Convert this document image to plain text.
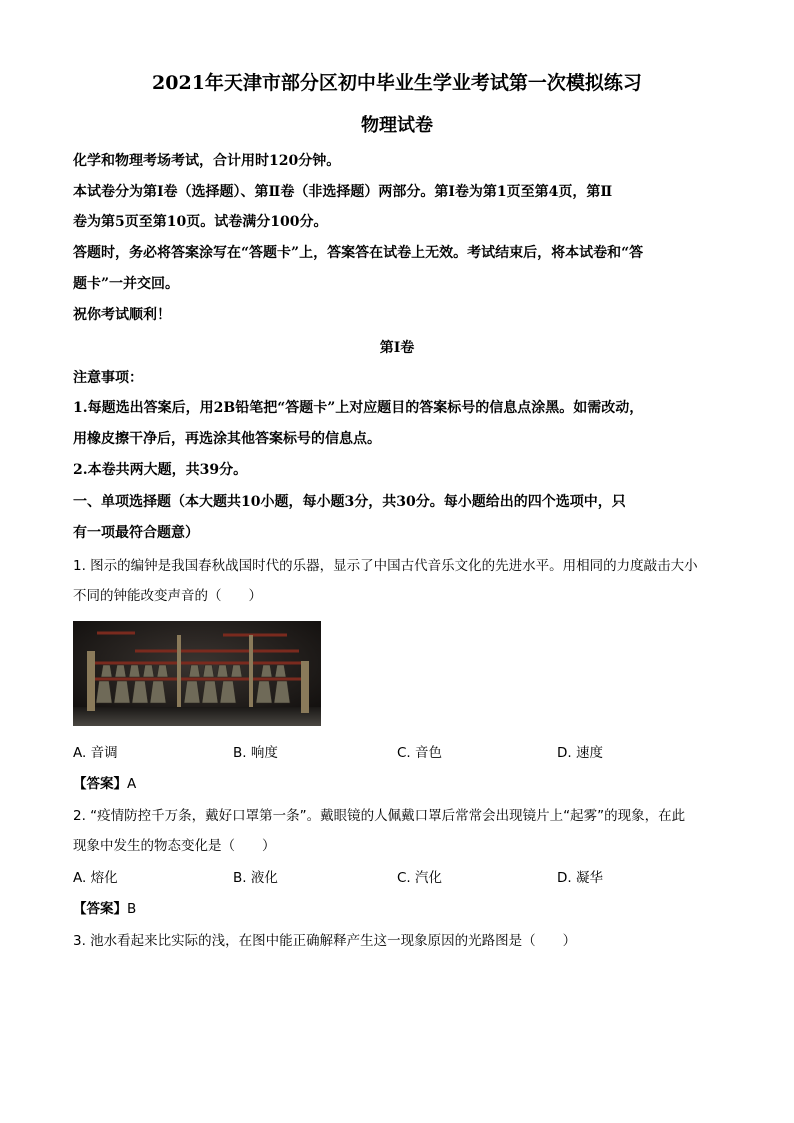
2021年天津市部分区初中毕业生学业考试第一次模拟练习
物理试卷
化学和物理考场考试，合计用时120分钟。
本试卷分为第Ⅰ卷（选择题）、第Ⅱ卷（非选择题）两部分。第Ⅰ卷为第1页至第4页，第Ⅱ
卷为第5页至第10页。试卷满分100分。
答题时，务必将答案涂写在“答题卡”上，答案答在试卷上无效。考试结束后，将本试卷和“答
题卡”一并交回。
祝你考试顺利！
第Ⅰ卷
注意事项：
1.每题选出答案后，用2B铅笔把“答题卡”上对应题目的答案标号的信息点涂黑。如需改动，
用橡皮擦干净后，再选涂其他答案标号的信息点。
2.本卷共两大题，共39分。
一、单项选择题（本大题共10小题，每小题3分，共30分。每小题给出的四个选项中，只
有一项最符合题意）
1. 图示的编钟是我国春秋战国时代的乐器，显示了中国古代音乐文化的先进水平。用相同的力度敲击大小
不同的钟能改变声音的（　　）
A. 音调	B. 响度	C. 音色	D. 速度
【答案】A
2. “疫情防控千万条，戴好口罩第一条”。戴眼镜的人佩戴口罩后常常会出现镜片上“起雾”的现象，在此
现象中发生的物态变化是（　　）
A. 熔化	B. 液化	C. 汽化	D. 凝华
【答案】B
3. 池水看起来比实际的浅，在图中能正确解释产生这一现象原因的光路图是（　　）
